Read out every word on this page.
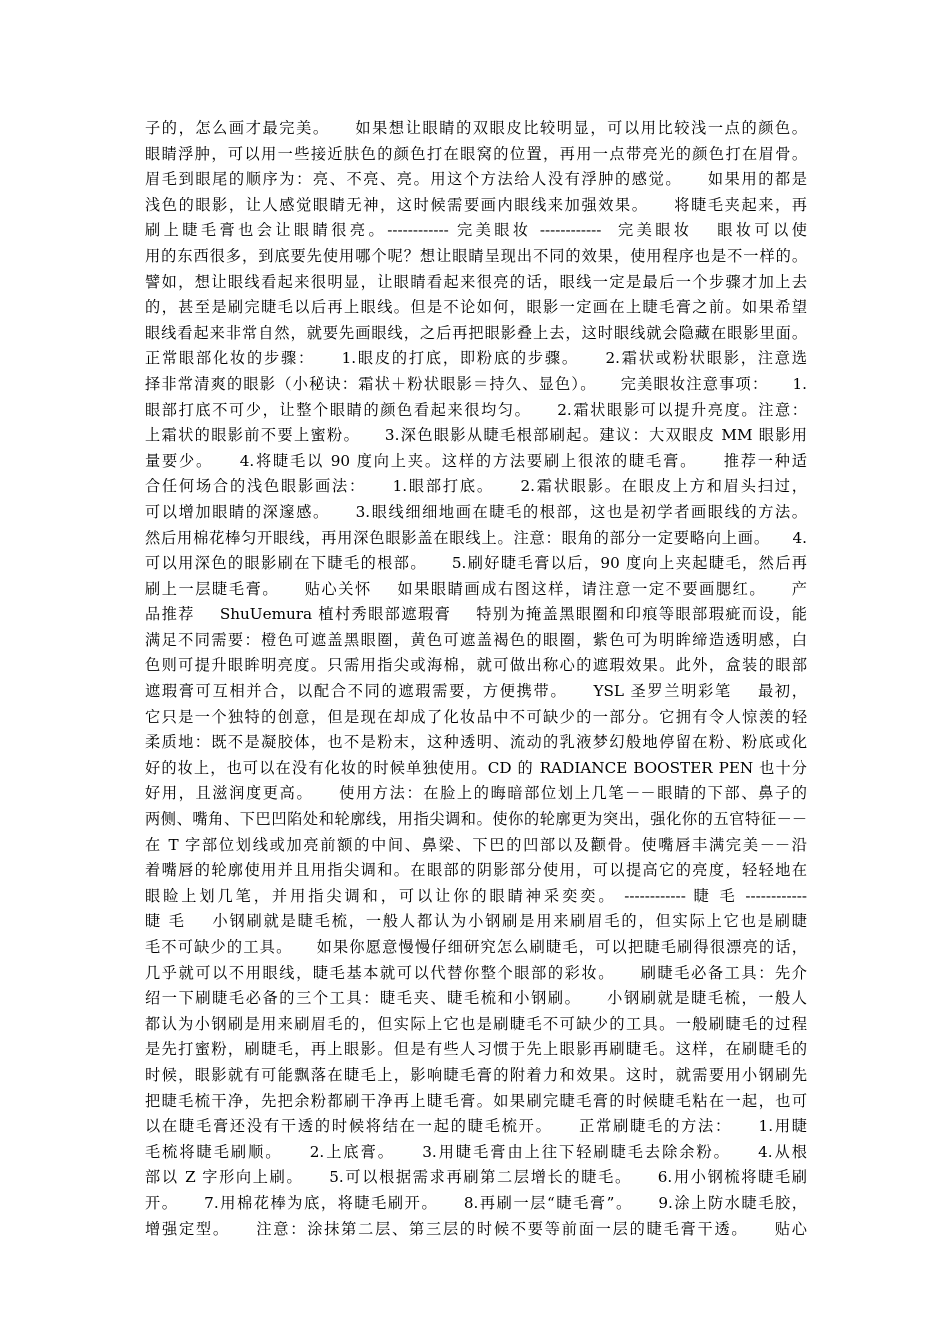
子的，怎么画才最完美。    如果想让眼睛的双眼皮比较明显，可以用比较浅一点的颜色。
眼睛浮肿，可以用一些接近肤色的颜色打在眼窝的位置，再用一点带亮光的颜色打在眉骨。
眉毛到眼尾的顺序为：亮、不亮、亮。用这个方法给人没有浮肿的感觉。    如果用的都是
浅色的眼影，让人感觉眼睛无神，这时候需要画内眼线来加强效果。    将睫毛夹起来，再
刷上睫毛膏也会让眼睛很亮。------------ 完美眼妆 ------------  完美眼妆   眼妆可以使
用的东西很多，到底要先使用哪个呢？想让眼睛呈现出不同的效果，使用程序也是不一样的。
譬如，想让眼线看起来很明显，让眼睛看起来很亮的话，眼线一定是最后一个步骤才加上去
的，甚至是刷完睫毛以后再上眼线。但是不论如何，眼影一定画在上睫毛膏之前。如果希望
眼线看起来非常自然，就要先画眼线，之后再把眼影叠上去，这时眼线就会隐藏在眼影里面。
正常眼部化妆的步骤：    1.眼皮的打底，即粉底的步骤。    2.霜状或粉状眼影，注意选
择非常清爽的眼影（小秘诀：霜状＋粉状眼影＝持久、显色）。    完美眼妆注意事项：    1.
眼部打底不可少，让整个眼睛的颜色看起来很均匀。    2.霜状眼影可以提升亮度。注意：
上霜状的眼影前不要上蜜粉。    3.深色眼影从睫毛根部刷起。建议：大双眼皮 MM 眼影用
量要少。    4.将睫毛以 90 度向上夹。这样的方法要刷上很浓的睫毛膏。    推荐一种适
合任何场合的浅色眼影画法：    1.眼部打底。    2.霜状眼影。在眼皮上方和眉头扫过，
可以增加眼睛的深邃感。    3.眼线细细地画在睫毛的根部，这也是初学者画眼线的方法。
然后用棉花棒匀开眼线，再用深色眼影盖在眼线上。注意：眼角的部分一定要略向上画。    4.
可以用深色的眼影刷在下睫毛的根部。    5.刷好睫毛膏以后，90 度向上夹起睫毛，然后再
刷上一层睫毛膏。    贴心关怀    如果眼睛画成右图这样，请注意一定不要画腮红。    产
品推荐    ShuUemura 植村秀眼部遮瑕膏    特别为掩盖黑眼圈和印痕等眼部瑕疵而设，能
满足不同需要：橙色可遮盖黑眼圈，黄色可遮盖褐色的眼圈，紫色可为明眸缔造透明感，白
色则可提升眼眸明亮度。只需用指尖或海棉，就可做出称心的遮瑕效果。此外，盒装的眼部
遮瑕膏可互相并合，以配合不同的遮瑕需要，方便携带。    YSL 圣罗兰明彩笔    最初，
它只是一个独特的创意，但是现在却成了化妆品中不可缺少的一部分。它拥有令人惊羡的轻
柔质地：既不是凝胶体，也不是粉末，这种透明、流动的乳液梦幻般地停留在粉、粉底或化
好的妆上，也可以在没有化妆的时候单独使用。CD 的 RADIANCE BOOSTER PEN 也十分
好用，且滋润度更高。    使用方法：在脸上的晦暗部位划上几笔－－眼睛的下部、鼻子的
两侧、嘴角、下巴凹陷处和轮廓线，用指尖调和。使你的轮廓更为突出，强化你的五官特征－－
在 T 字部位划线或加亮前额的中间、鼻梁、下巴的凹部以及颧骨。使嘴唇丰满完美－－沿
着嘴唇的轮廓使用并且用指尖调和。在眼部的阴影部分使用，可以提高它的亮度，轻轻地在
眼睑上划几笔，并用指尖调和，可以让你的眼睛神采奕奕。 ------------ 睫 毛 ------------
睫 毛    小钢刷就是睫毛梳，一般人都认为小钢刷是用来刷眉毛的，但实际上它也是刷睫
毛不可缺少的工具。    如果你愿意慢慢仔细研究怎么刷睫毛，可以把睫毛刷得很漂亮的话，
几乎就可以不用眼线，睫毛基本就可以代替你整个眼部的彩妆。    刷睫毛必备工具：先介
绍一下刷睫毛必备的三个工具：睫毛夹、睫毛梳和小钢刷。    小钢刷就是睫毛梳，一般人
都认为小钢刷是用来刷眉毛的，但实际上它也是刷睫毛不可缺少的工具。一般刷睫毛的过程
是先打蜜粉，刷睫毛，再上眼影。但是有些人习惯于先上眼影再刷睫毛。这样，在刷睫毛的
时候，眼影就有可能飘落在睫毛上，影响睫毛膏的附着力和效果。这时，就需要用小钢刷先
把睫毛梳干净，先把余粉都刷干净再上睫毛膏。如果刷完睫毛膏的时候睫毛粘在一起，也可
以在睫毛膏还没有干透的时候将结在一起的睫毛梳开。    正常刷睫毛的方法：    1.用睫
毛梳将睫毛刷顺。    2.上底膏。    3.用睫毛膏由上往下轻刷睫毛去除余粉。    4.从根
部以 Z 字形向上刷。    5.可以根据需求再刷第二层增长的睫毛。    6.用小钢梳将睫毛刷
开。    7.用棉花棒为底，将睫毛刷开。    8.再刷一层“睫毛膏”。    9.涂上防水睫毛胶，
增强定型。    注意：涂抹第二层、第三层的时候不要等前面一层的睫毛膏干透。    贴心
